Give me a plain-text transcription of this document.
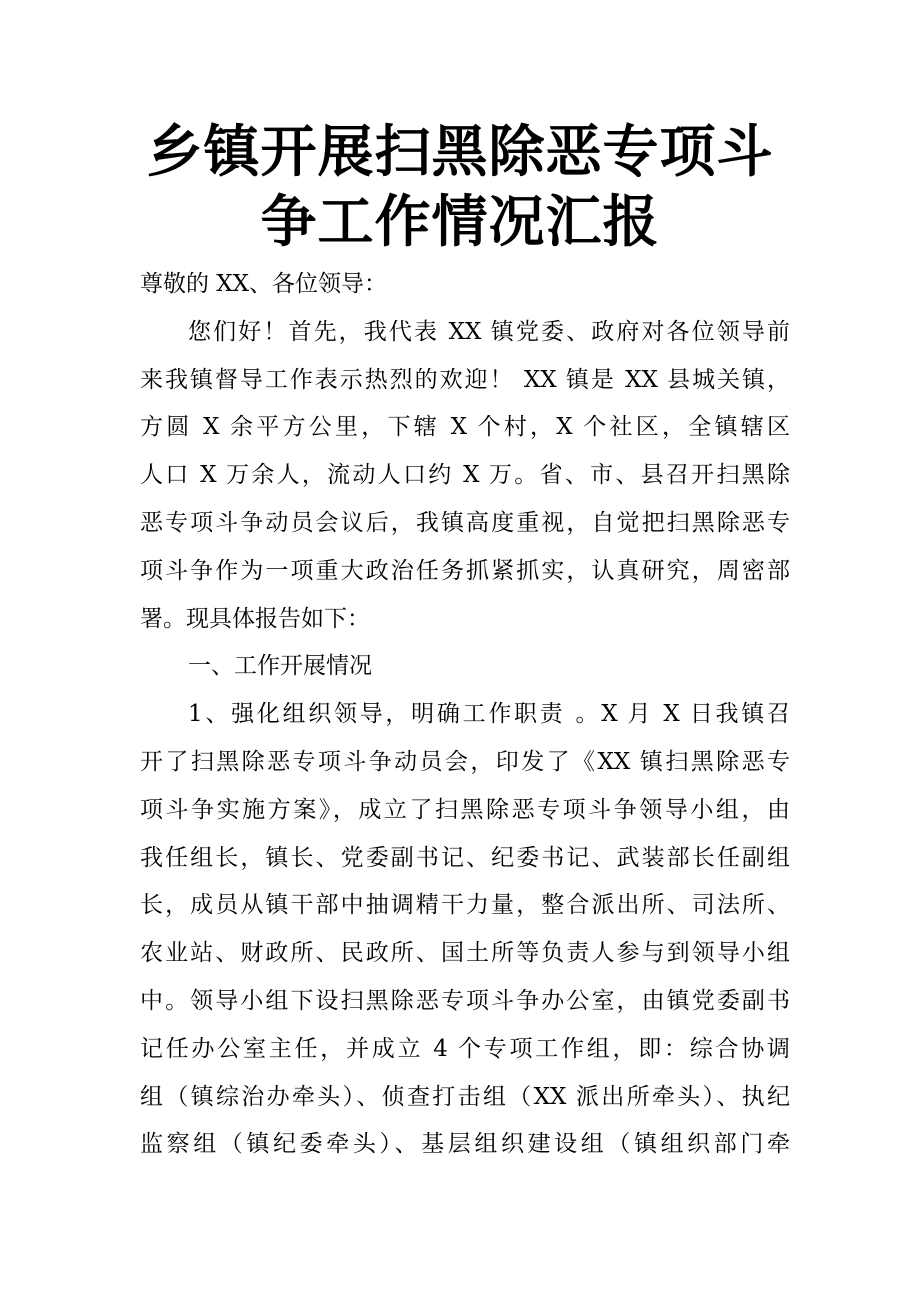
乡镇开展扫黑除恶专项斗
争工作情况汇报
尊敬的 XX、各位领导：
您们好！首先，我代表 XX 镇党委、政府对各位领导前
来我镇督导工作表示热烈的欢迎！ XX 镇是 XX 县城关镇，
方圆 X 余平方公里，下辖 X 个村，X 个社区，全镇辖区
人口 X 万余人，流动人口约 X 万。省、市、县召开扫黑除
恶专项斗争动员会议后，我镇高度重视，自觉把扫黑除恶专
项斗争作为一项重大政治任务抓紧抓实，认真研究，周密部
署。现具体报告如下：
一、工作开展情况
1、强化组织领导，明确工作职责 。X 月 X 日我镇召
开了扫黑除恶专项斗争动员会，印发了《XX 镇扫黑除恶专
项斗争实施方案》，成立了扫黑除恶专项斗争领导小组，由
我任组长，镇长、党委副书记、纪委书记、武装部长任副组
长，成员从镇干部中抽调精干力量，整合派出所、司法所、
农业站、财政所、民政所、国土所等负责人参与到领导小组
中。领导小组下设扫黑除恶专项斗争办公室，由镇党委副书
记任办公室主任，并成立 4 个专项工作组，即：综合协调
组（镇综治办牵头）、侦查打击组（XX 派出所牵头）、执纪
监察组（镇纪委牵头）、基层组织建设组（镇组织部门牵
